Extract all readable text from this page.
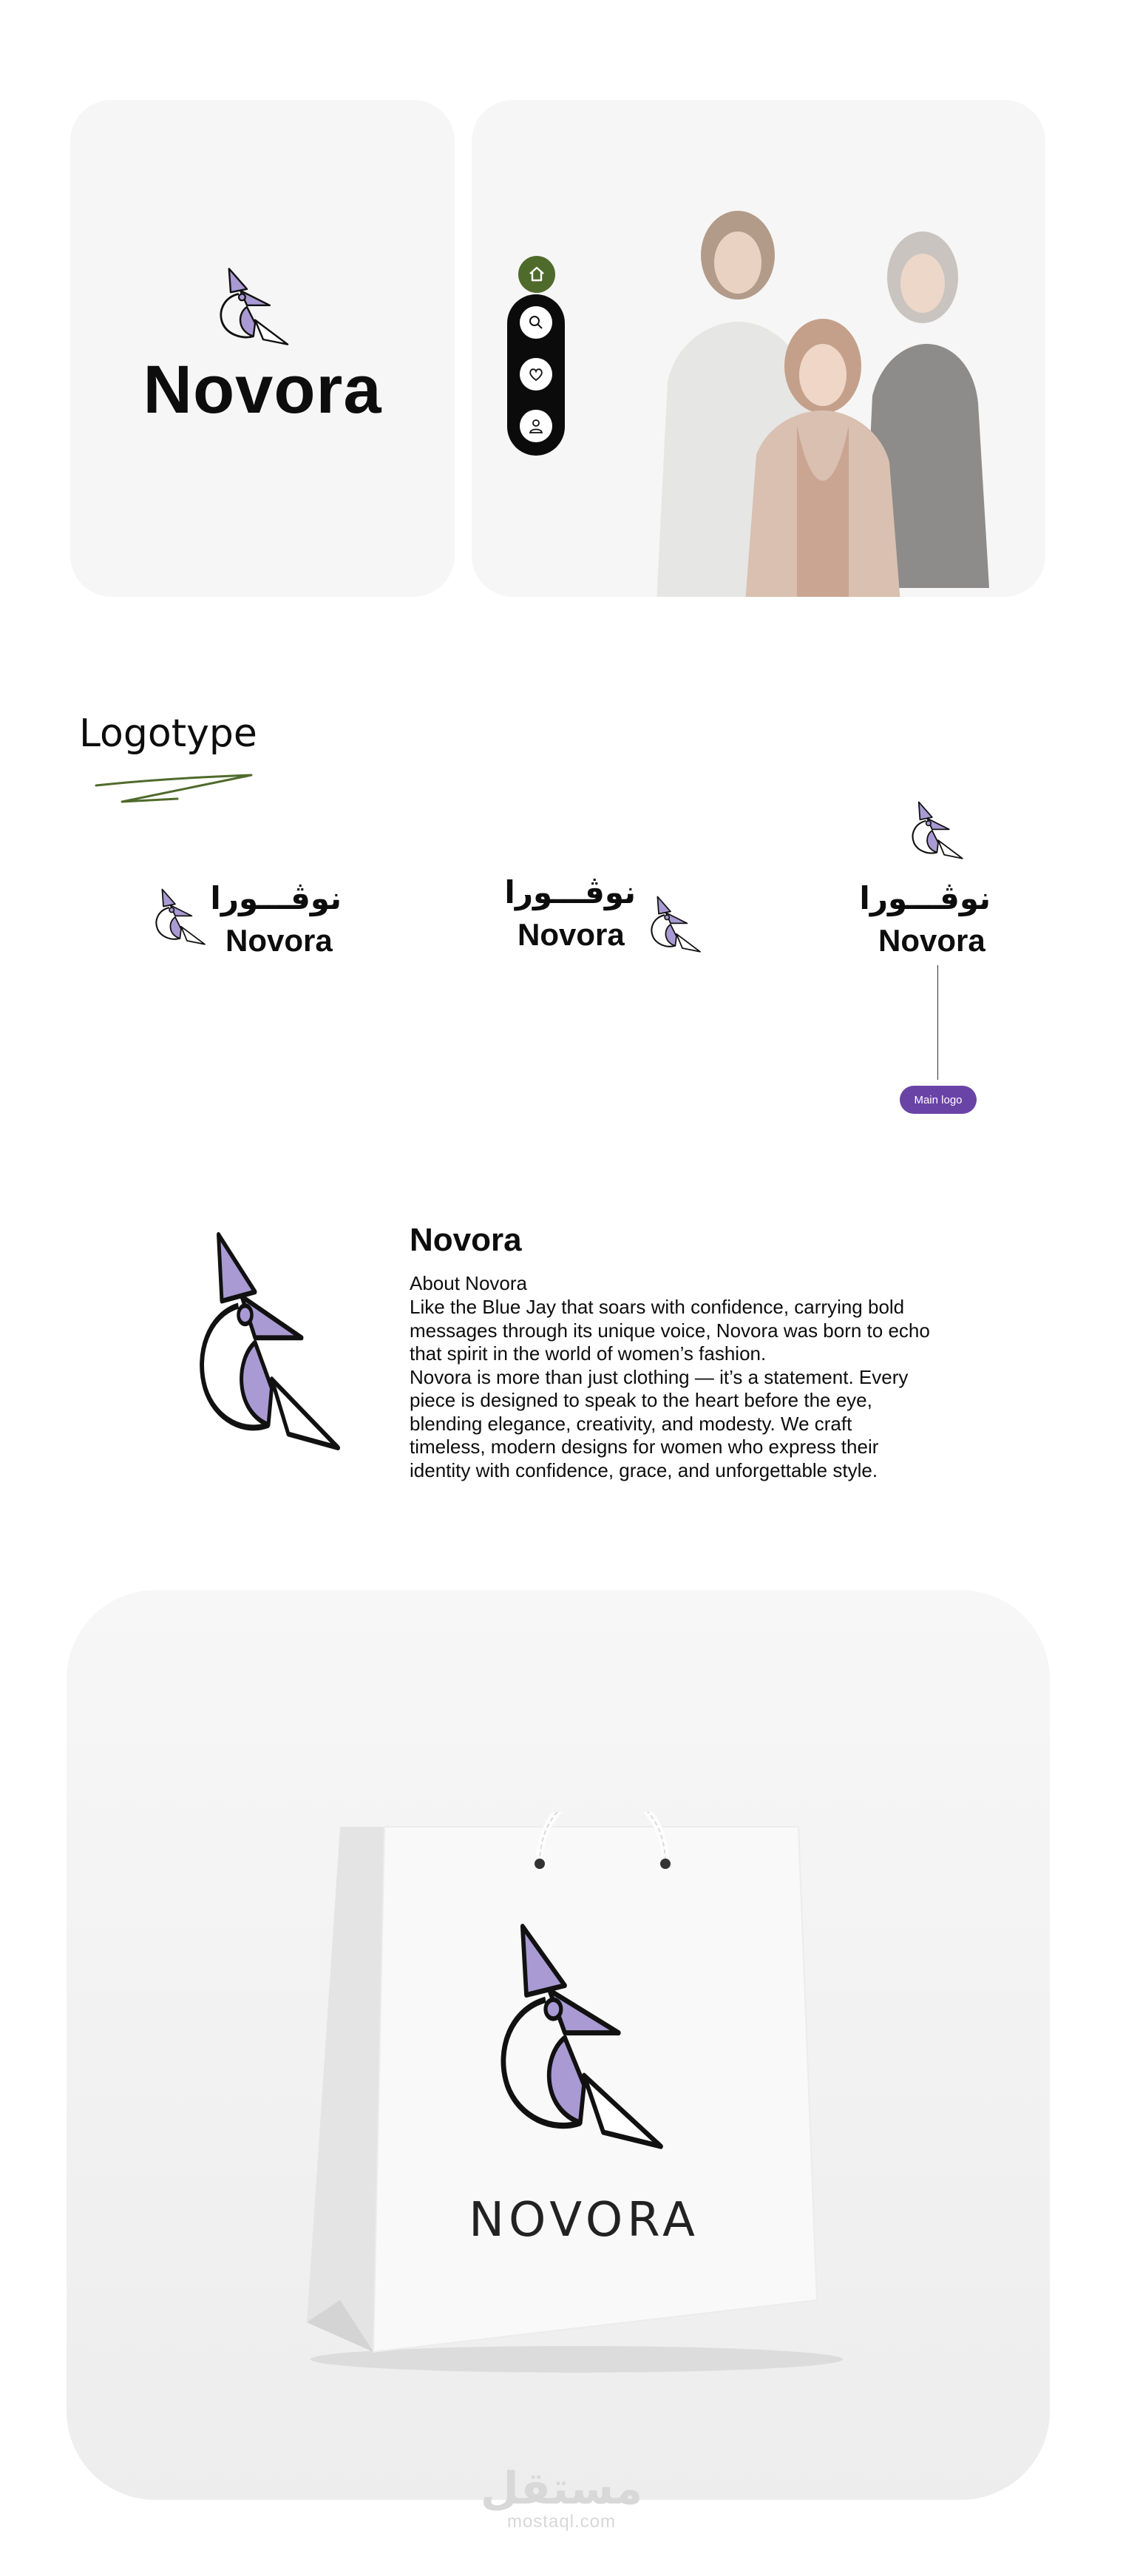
Novora
Logotype
نوڤـــورا
Novora
نوڤـــورا
Novora
نوڤـــورا
Novora
Main logo
Novora
About Novora
Like the Blue Jay that soars with confidence, carrying bold
messages through its unique voice, Novora was born to echo
that spirit in the world of women’s fashion.
Novora is more than just clothing — it’s a statement. Every
piece is designed to speak to the heart before the eye,
blending elegance, creativity, and modesty. We craft
timeless, modern designs for women who express their
identity with confidence, grace, and unforgettable style.
NOVORA
مستقل
mostaql.com
